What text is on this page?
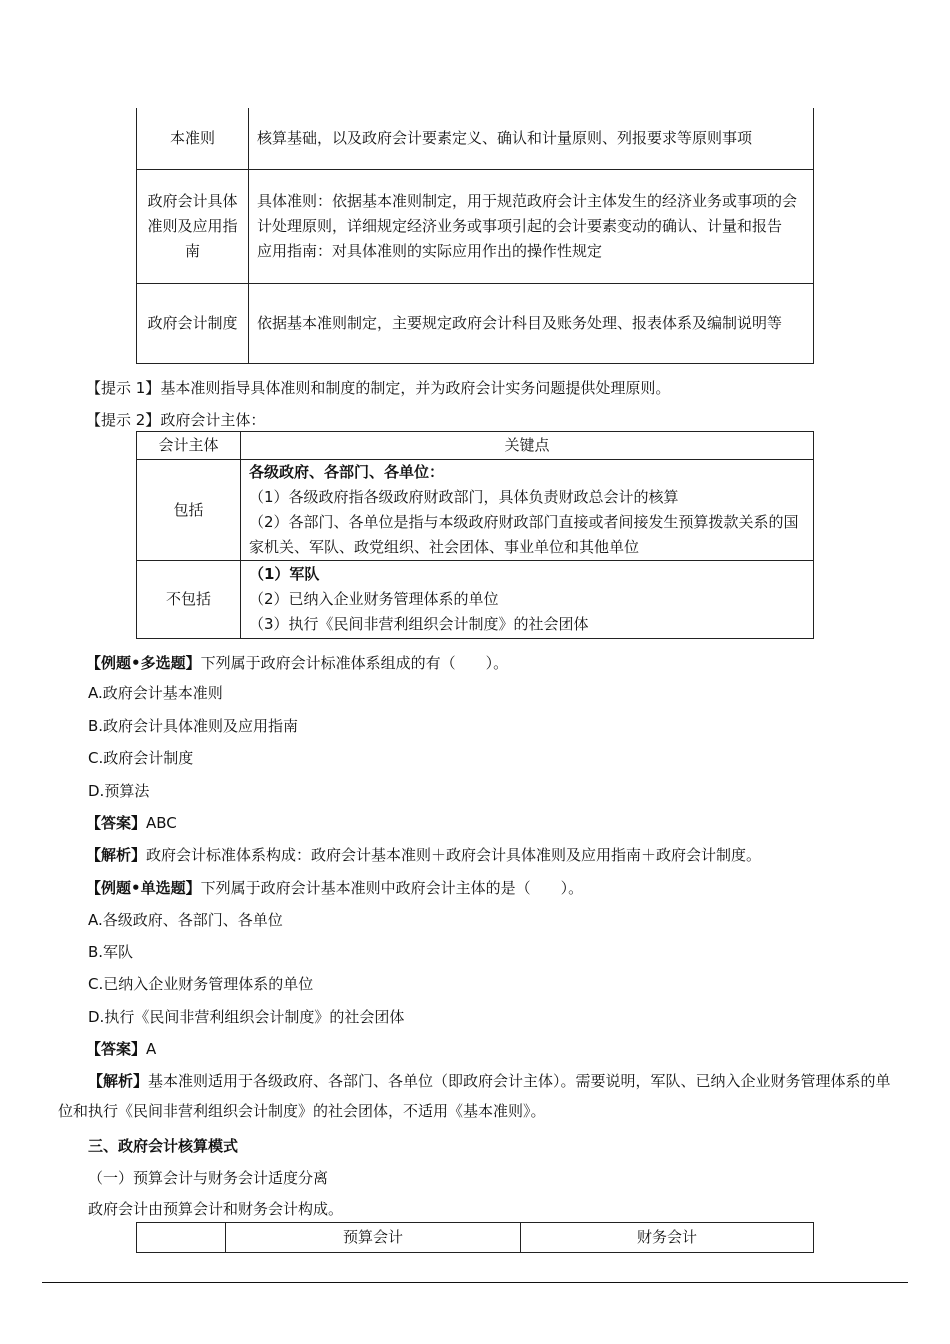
本准则	核算基础，以及政府会计要素定义、确认和计量原则、列报要求等原则事项
政府会计具体准则及应用指南	具体准则：依据基本准则制定，用于规范政府会计主体发生的经济业务或事项的会计处理原则，详细规定经济业务或事项引起的会计要素变动的确认、计量和报告
应用指南：对具体准则的实际应用作出的操作性规定

政府会计制度	依据基本准则制定，主要规定政府会计科目及账务处理、报表体系及编制说明等
【提示 1】基本准则指导具体准则和制度的制定，并为政府会计实务问题提供处理原则。
【提示 2】政府会计主体：
会计主体	关键点
包括	各级政府、各部门、各单位：
（1）各级政府指各级政府财政部门，具体负责财政总会计的核算
（2）各部门、各单位是指与本级政府财政部门直接或者间接发生预算拨款关系的国家机关、军队、政党组织、社会团体、事业单位和其他单位

不包括	（1）军队
（2）已纳入企业财务管理体系的单位
（3）执行《民间非营利组织会计制度》的社会团体
【例题•多选题】下列属于政府会计标准体系组成的有（　　）。
A.政府会计基本准则
B.政府会计具体准则及应用指南
C.政府会计制度
D.预算法
【答案】ABC
【解析】政府会计标准体系构成：政府会计基本准则＋政府会计具体准则及应用指南＋政府会计制度。
【例题•单选题】下列属于政府会计基本准则中政府会计主体的是（　　）。
A.各级政府、各部门、各单位
B.军队
C.已纳入企业财务管理体系的单位
D.执行《民间非营利组织会计制度》的社会团体
【答案】A
【解析】基本准则适用于各级政府、各部门、各单位（即政府会计主体）。需要说明，军队、已纳入企业财务管理体系的单位和执行《民间非营利组织会计制度》的社会团体，不适用《基本准则》。
三、政府会计核算模式
（一）预算会计与财务会计适度分离
政府会计由预算会计和财务会计构成。
	预算会计	财务会计
